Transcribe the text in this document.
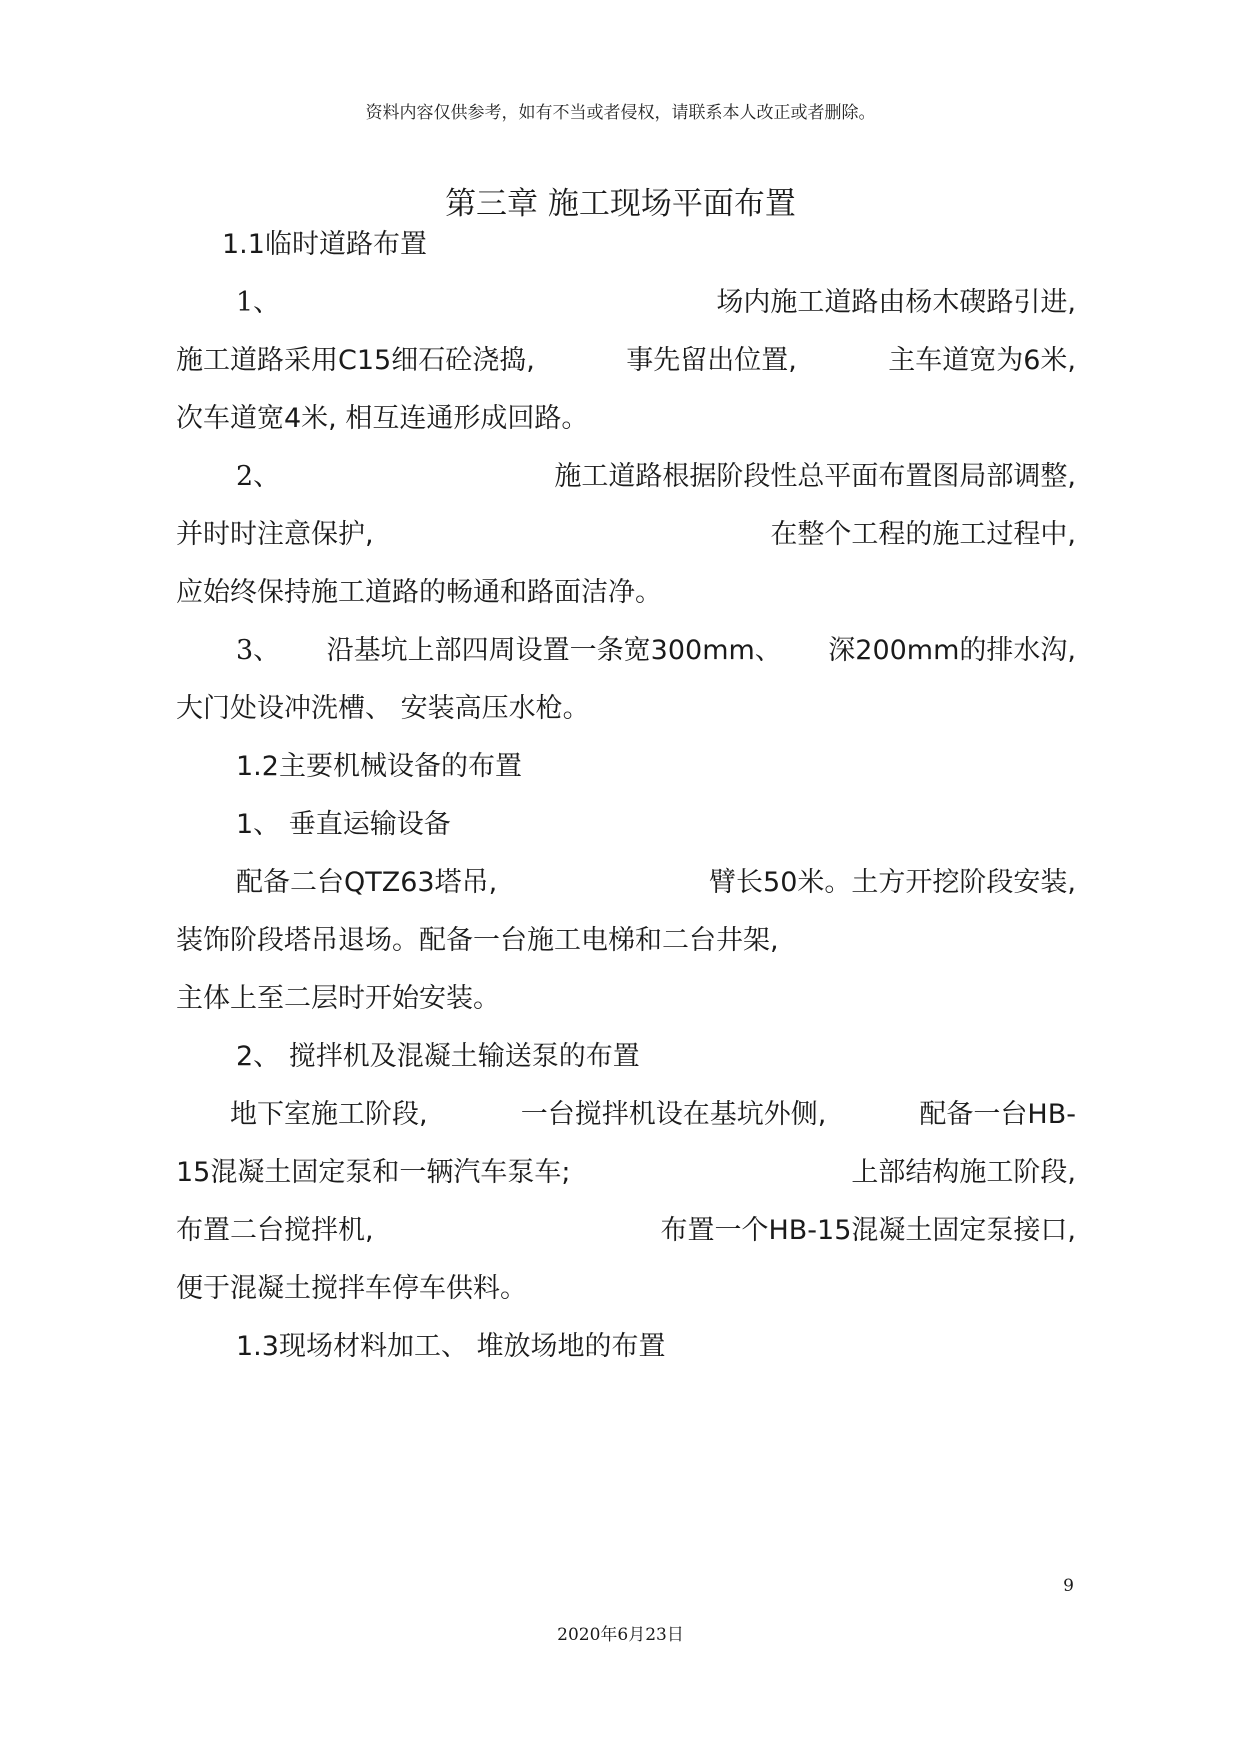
资料内容仅供参考，如有不当或者侵权，请联系本人改正或者删除。
第三章 施工现场平面布置
1.1临时道路布置
1、	场内施工道路由杨木碶路引进,
施工道路采用C15细石砼浇捣,	事先留出位置,	主车道宽为6米,
次车道宽4米, 相互连通形成回路。
2、	施工道路根据阶段性总平面布置图局部调整,
并时时注意保护,	在整个工程的施工过程中,
应始终保持施工道路的畅通和路面洁净。
3、 沿基坑上部四周设置一条宽300mm、 深200mm的排水沟,
大门处设冲洗槽、 安装高压水枪。
1.2主要机械设备的布置
1、 垂直运输设备
配备二台QTZ63塔吊,	臂长50米。土方开挖阶段安装,
装饰阶段塔吊退场。配备一台施工电梯和二台井架,
主体上至二层时开始安装。
2、 搅拌机及混凝土输送泵的布置
地下室施工阶段,	一台搅拌机设在基坑外侧,	配备一台HB-
15混凝土固定泵和一辆汽车泵车;	上部结构施工阶段,
布置二台搅拌机,	布置一个HB-15混凝土固定泵接口,
便于混凝土搅拌车停车供料。
1.3现场材料加工、 堆放场地的布置
9
2020年6月23日
